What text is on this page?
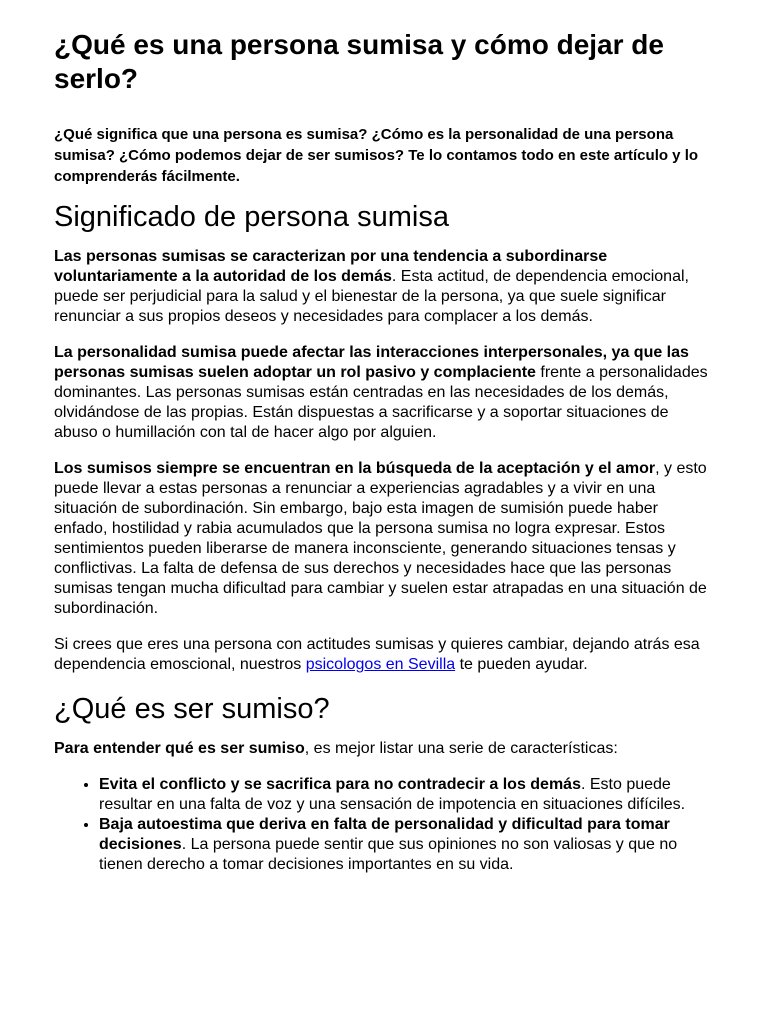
¿Qué es una persona sumisa y cómo dejar de serlo?

¿Qué significa que una persona es sumisa? ¿Cómo es la personalidad de una persona sumisa? ¿Cómo podemos dejar de ser sumisos? Te lo contamos todo en este artículo y lo comprenderás fácilmente.

Significado de persona sumisa

Las personas sumisas se caracterizan por una tendencia a subordinarse voluntariamente a la autoridad de los demás. Esta actitud, de dependencia emocional, puede ser perjudicial para la salud y el bienestar de la persona, ya que suele significar renunciar a sus propios deseos y necesidades para complacer a los demás.

La personalidad sumisa puede afectar las interacciones interpersonales, ya que las personas sumisas suelen adoptar un rol pasivo y complaciente frente a personalidades dominantes. Las personas sumisas están centradas en las necesidades de los demás, olvidándose de las propias. Están dispuestas a sacrificarse y a soportar situaciones de abuso o humillación con tal de hacer algo por alguien.

Los sumisos siempre se encuentran en la búsqueda de la aceptación y el amor, y esto puede llevar a estas personas a renunciar a experiencias agradables y a vivir en una situación de subordinación. Sin embargo, bajo esta imagen de sumisión puede haber enfado, hostilidad y rabia acumulados que la persona sumisa no logra expresar. Estos sentimientos pueden liberarse de manera inconsciente, generando situaciones tensas y conflictivas. La falta de defensa de sus derechos y necesidades hace que las personas sumisas tengan mucha dificultad para cambiar y suelen estar atrapadas en una situación de subordinación.

Si crees que eres una persona con actitudes sumisas y quieres cambiar, dejando atrás esa dependencia emoscional, nuestros psicologos en Sevilla te pueden ayudar.

¿Qué es ser sumiso?

Para entender qué es ser sumiso, es mejor listar una serie de características:

• Evita el conflicto y se sacrifica para no contradecir a los demás. Esto puede resultar en una falta de voz y una sensación de impotencia en situaciones difíciles.
• Baja autoestima que deriva en falta de personalidad y dificultad para tomar decisiones. La persona puede sentir que sus opiniones no son valiosas y que no tienen derecho a tomar decisiones importantes en su vida.
